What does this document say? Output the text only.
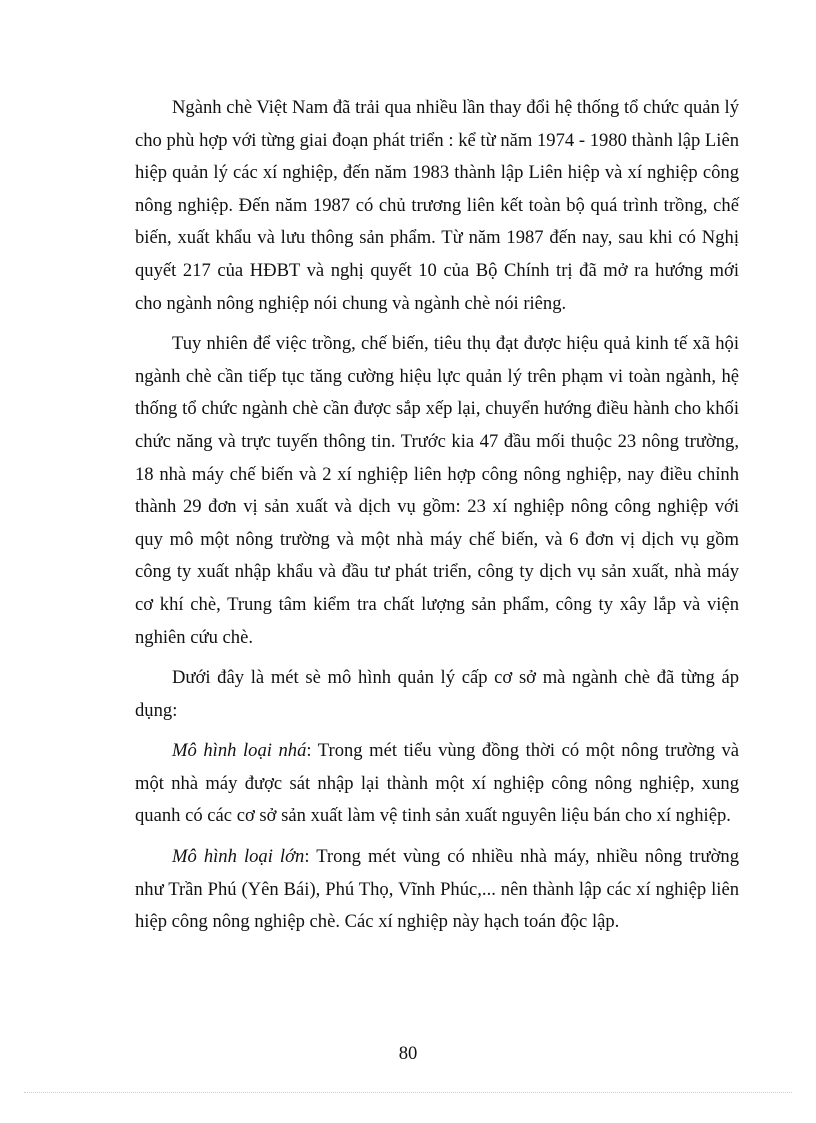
Ngành chè Việt Nam đã trải qua nhiều lần thay đổi hệ thống tổ chức quản lý cho phù hợp với từng giai đoạn phát triển : kể từ năm 1974 - 1980 thành lập Liên hiệp quản lý các xí nghiệp, đến năm 1983 thành lập Liên hiệp và xí nghiệp công nông nghiệp. Đến năm 1987 có chủ trương liên kết toàn bộ quá trình trồng, chế biến, xuất khẩu và lưu thông sản phẩm. Từ năm 1987 đến nay, sau khi có Nghị quyết 217 của HĐBT và nghị quyết 10 của Bộ Chính trị đã mở ra hướng mới cho ngành nông nghiệp nói chung và ngành chè nói riêng.

Tuy nhiên để việc trồng, chế biến, tiêu thụ đạt được hiệu quả kinh tế xã hội ngành chè cần tiếp tục tăng cường hiệu lực quản lý trên phạm vi toàn ngành, hệ thống tổ chức ngành chè cần được sắp xếp lại, chuyển hướng điều hành cho khối chức năng và trực tuyến thông tin. Trước kia 47 đầu mối thuộc 23 nông trường, 18 nhà máy chế biến và 2 xí nghiệp liên hợp công nông nghiệp, nay điều chỉnh thành 29 đơn vị sản xuất và dịch vụ gồm: 23 xí nghiệp nông công nghiệp với quy mô một nông trường và một nhà máy chế biến, và 6 đơn vị dịch vụ gồm công ty xuất nhập khẩu và đầu tư phát triển, công ty dịch vụ sản xuất, nhà máy cơ khí chè, Trung tâm kiểm tra chất lượng sản phẩm, công ty xây lắp và viện nghiên cứu chè.

Dưới đây là mét sè mô hình quản lý cấp cơ sở mà ngành chè đã từng áp dụng:

Mô hình loại nhá: Trong mét tiểu vùng đồng thời có một nông trường và một nhà máy được sát nhập lại thành một xí nghiệp công nông nghiệp, xung quanh có các cơ sở sản xuất làm vệ tinh sản xuất nguyên liệu bán cho xí nghiệp.

Mô hình loại lớn: Trong mét vùng có nhiều nhà máy, nhiều nông trường như Trần Phú (Yên Bái), Phú Thọ, Vĩnh Phúc,... nên thành lập các xí nghiệp liên hiệp công nông nghiệp chè. Các xí nghiệp này hạch toán độc lập.

80
